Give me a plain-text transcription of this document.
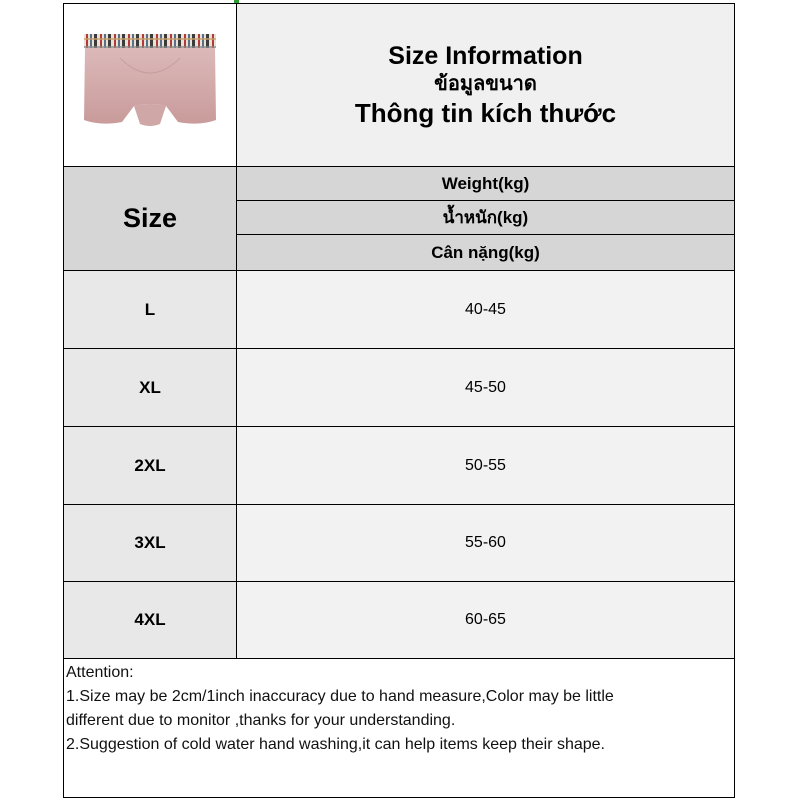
Size Information
ข้อมูลขนาด
Thông tin kích thước
Size
Weight(kg)
น้ำหนัก(kg)
Cân nặng(kg)
L	40-45
XL	45-50
2XL	50-55
3XL	55-60
4XL	60-65
Attention:
1.Size may be 2cm/1inch inaccuracy due to hand measure,Color may be little
different due to monitor ,thanks for your understanding.
2.Suggestion of cold water hand washing,it can help items keep their shape.
